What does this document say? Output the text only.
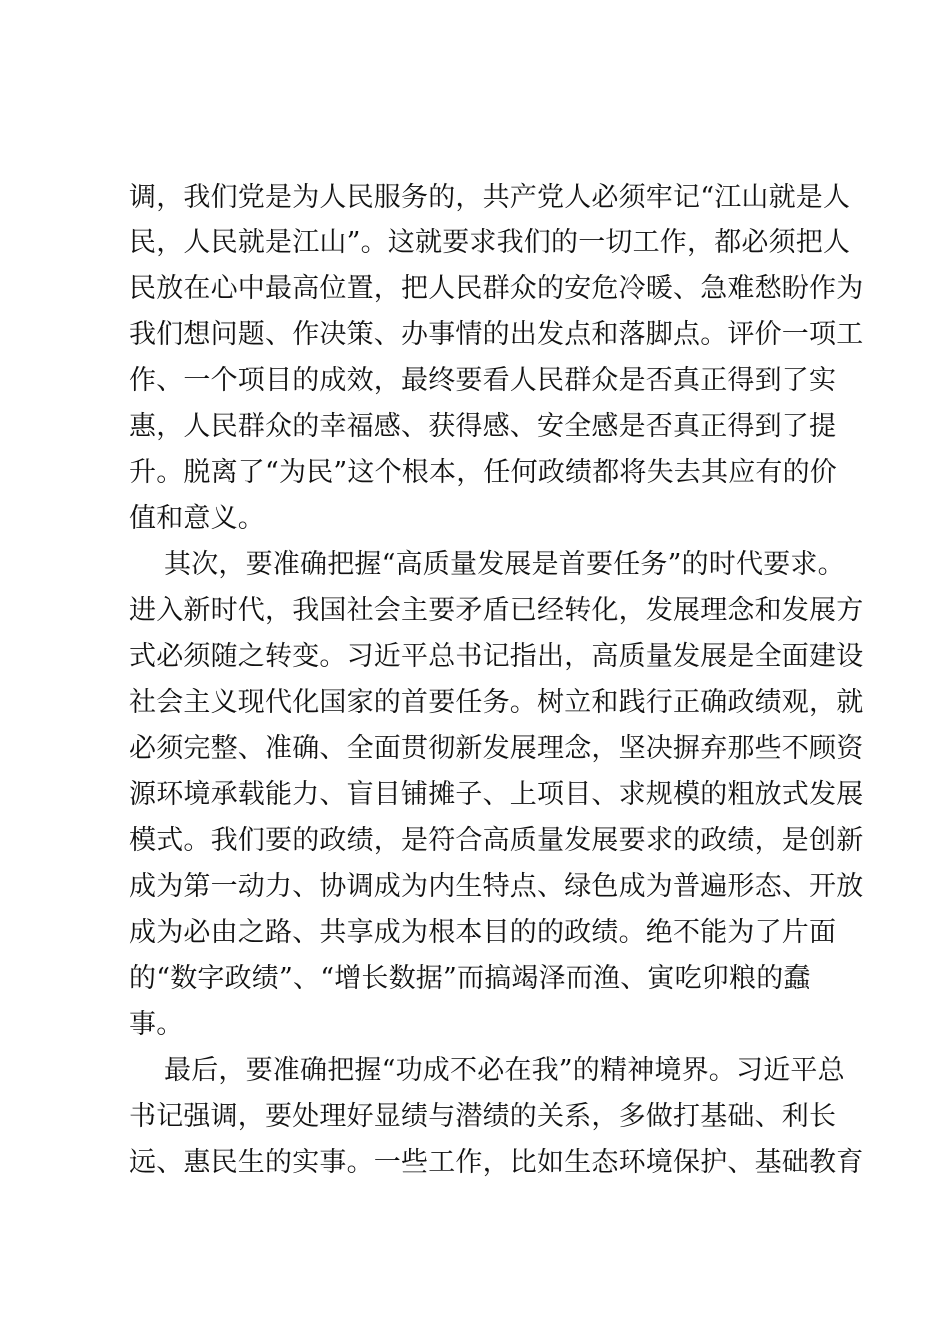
调，我们党是为人民服务的，共产党人必须牢记“江山就是人
民，人民就是江山”。这就要求我们的一切工作，都必须把人
民放在心中最高位置，把人民群众的安危冷暖、急难愁盼作为
我们想问题、作决策、办事情的出发点和落脚点。评价一项工
作、一个项目的成效，最终要看人民群众是否真正得到了实
惠，人民群众的幸福感、获得感、安全感是否真正得到了提
升。脱离了“为民”这个根本，任何政绩都将失去其应有的价
值和意义。
其次，要准确把握“高质量发展是首要任务”的时代要求。
进入新时代，我国社会主要矛盾已经转化，发展理念和发展方
式必须随之转变。习近平总书记指出，高质量发展是全面建设
社会主义现代化国家的首要任务。树立和践行正确政绩观，就
必须完整、准确、全面贯彻新发展理念，坚决摒弃那些不顾资
源环境承载能力、盲目铺摊子、上项目、求规模的粗放式发展
模式。我们要的政绩，是符合高质量发展要求的政绩，是创新
成为第一动力、协调成为内生特点、绿色成为普遍形态、开放
成为必由之路、共享成为根本目的的政绩。绝不能为了片面
的“数字政绩”、“增长数据”而搞竭泽而渔、寅吃卯粮的蠢
事。
最后，要准确把握“功成不必在我”的精神境界。习近平总
书记强调，要处理好显绩与潜绩的关系，多做打基础、利长
远、惠民生的实事。一些工作，比如生态环境保护、基础教育
